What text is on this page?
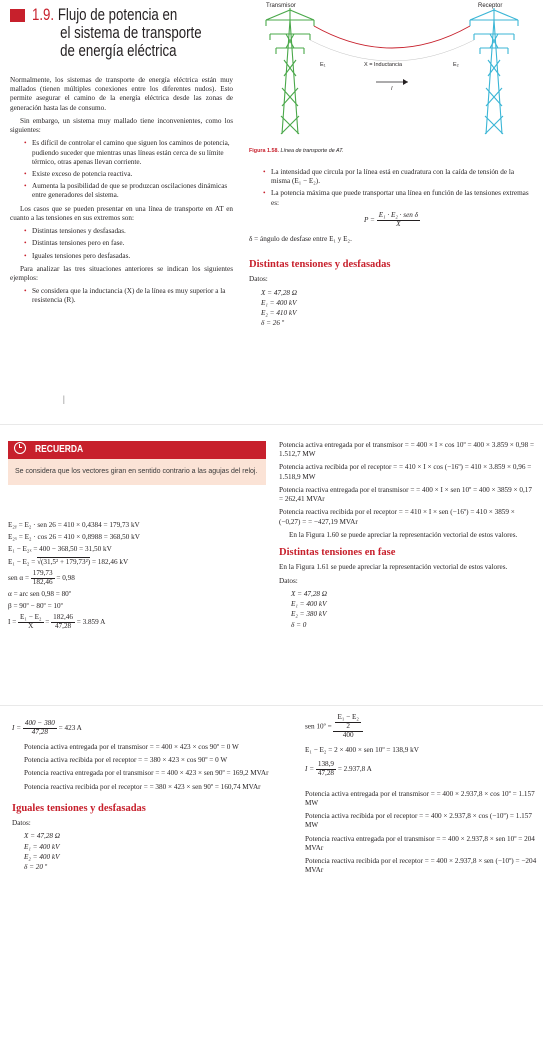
1.9. Flujo de potencia en
el sistema de transporte
de energía eléctrica

Normalmente, los sistemas de transporte de energía eléctrica están muy mallados (tienen múltiples conexiones entre los diferentes nudos). Esto permite asegurar el camino de la energía eléctrica desde las zonas de generación hasta las de consumo.

Sin embargo, un sistema muy mallado tiene inconvenientes, como los siguientes:

• Es difícil de controlar el camino que siguen los caminos de potencia, pudiendo suceder que mientras unas líneas están cerca de su límite térmico, otras apenas llevan corriente.
• Existe exceso de potencia reactiva.
• Aumenta la posibilidad de que se produzcan oscilaciones dinámicas entre generadores del sistema.

Los casos que se pueden presentar en una línea de transporte en AT en cuanto a las tensiones en sus extremos son:

• Distintas tensiones y desfasadas.
• Distintas tensiones pero en fase.
• Iguales tensiones pero desfasadas.

Para analizar las tres situaciones anteriores se indican los siguientes ejemplos:

• Se considera que la inductancia (X) de la línea es muy superior a la resistencia (R).
|
Transmisor	Receptor
E₁	E₂
X = Inductancia
I
Figura 1.58. Línea de transporte de AT.
• La intensidad que circula por la línea está en cuadratura con la caída de tensión de la misma (E₁ − E₂).
• La potencia máxima que puede transportar una línea en función de las tensiones extremas es:
$P = \frac{\text{E₁ · E₂ · sen δ}}{X}$

δ = ángulo de desfase entre E₁ y E₂.

Distintas tensiones y desfasadas

Datos:

X = 47,28 Ω
E₁ = 400 kV
E₂ = 410 kV
δ = 26 º
RECUERDA
Se considera que los vectores giran en sentido contrario a las agujas del reloj.
E₂ᵧ = E₂ · sen 26 = 410 × 0,4384 = 179,73 kV
E₂ₓ = E₂ · cos 26 = 410 × 0,8988 = 368,50 kV
E₁ − E₂ₓ = 400 − 368,50 = 31,50 kV
E₁ − E₂ = √(31,5² + 179,73²) = 182,46 kV
sen $\alpha = \frac{179,73}{182,46} = 0,98$
α = arc sen 0,98 = 80º
β = 90º − 80º = 10º
$I = \frac{\text{E₁ − E₂}}{X} = \frac{182,46}{47,28} = 3.859$ A

Potencia activa entregada por el transmisor = = 400 × I × cos 10º = 400 × 3.859 × 0,98 = 1.512,7 MW

Potencia activa recibida por el receptor = = 410 × I × cos (−16º) = 410 × 3.859 × 0,96 = 1.518,9 MW

Potencia reactiva entregada por el transmisor = = 400 × I × sen 10º = 400 × 3859 × 0,17 = 262,41 MVAr

Potencia reactiva recibida por el receptor = = 410 × I × sen (−16º) = 410 × 3859 × (−0,27) = = −427,19 MVAr

En la Figura 1.60 se puede apreciar la representación vectorial de estos valores.

Distintas tensiones en fase

En la Figura 1.61 se puede apreciar la representación vectorial de estos valores.

Datos:

X = 47,28 Ω
E₁ = 400 kV
E₂ = 380 kV
δ = 0
$I = \frac{400 - 380}{47,28} = 423$ A

Potencia activa entregada por el transmisor = = 400 × 423 × cos 90º = 0 W

Potencia activa recibida por el receptor = = 380 × 423 × cos 90º = 0 W

Potencia reactiva entregada por el transmisor = = 400 × 423 × sen 90º = 169,2 MVAr

Potencia reactiva recibida por el receptor = = 380 × 423 × sen 90º = 160,74 MVAr

Iguales tensiones y desfasadas

Datos:

X = 47,28 Ω
E₁ = 400 kV
E₂ = 400 kV
δ = 20 º
sen 10º = $\frac{\frac{\text{E₁ − E₂}}{2}}{400}$
E₁ − E₂ = 2 × 400 × sen 10º = 138,9 kV
$I = \frac{138,9}{47,28} = 2.937,8$ A

Potencia activa entregada por el transmisor = = 400 × 2.937,8 × cos 10º = 1.157 MW

Potencia activa recibida por el receptor = = 400 × 2.937,8 × cos (−10º) = 1.157 MW

Potencia reactiva entregada por el transmisor = = 400 × 2.937,8 × sen 10º = 204 MVAr

Potencia reactiva recibida por el receptor = = 400 × 2.937,8 × sen (−10º) = −204 MVAr
